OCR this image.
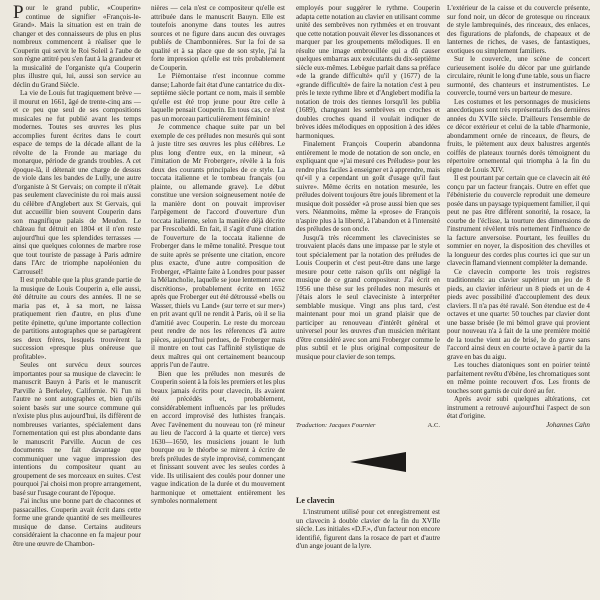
Pour le grand public, «Couperin» continue de signifier «François-le-Grand». Mais la situation est en train de changer et des connaisseurs de plus en plus nombreux commencent à réaliser que le Couperin qui servit le Roi Soleil à l'aube de son règne attitré peu s'en faut à la grandeur et la musicalité de l'organiste qu'a Couperin plus illustre qui, lui, aussi son service au déclin du Grand Siècle.

La vie de Louis fut tragiquement brève — il mourut en 1661, âgé de trente-cinq ans — et ce peu que seul de ses compositions musicales ne fut publié avant les temps modernes. Toutes ses œuvres les plus accomplies furent écrites dans le court espace de temps de la décade allant de la révolte de la Fronde au mariage du monarque, période de grands troubles. A cet époque-là, il détenait une charge de dessus de viole dans les bandes de Lully, une autre d'organiste à St Gervais; on compte il n'était pas seulement claveciniste du roi mais aussi du célèbre d'Anglebert aux St Gervais, qui dut accueillir bien souvent Couperin dans son magnifique palais de Meudon. Le château fut détruit en 1804 et il n'en reste aujourd'hui que les splendides terrasses — ainsi que quelques colonnes de marbre rose que tout touriste de passage à Paris admire dans l'Arc de triomphe napoléonien du Carrousel!

Il est probable que la plus grande partie de la musique de Louis Couperin a, elle aussi, été détruite au cours des années. Il ne se maria pas et, à sa mort, ne laissa pratiquement rien d'autre, en plus d'une petite épinette, qu'une importante collection de partitions autographes que se partagèrent ses deux frères, lesquels trouvèrent la succession «presque plus onéreuse que profitable».

Seules ont survécu deux sources importantes pour sa musique de clavecin: le manuscrit Bauyn à Paris et le manuscrit Parville à Berkeley, Californie. Ni l'un ni l'autre ne sont autographes et, bien qu'ils soient basés sur une source commune qui n'existe plus plus aujourd'hui, ils diffèrent de nombreuses variantes, spécialement dans l'ornementation qui est plus abondante dans le manuscrit Parville. Aucun de ces documents ne fait davantage que communiquer une vague impression des intentions du compositeur quant au groupement de ses morceaux en suites. C'est pourquoi j'ai choisi mon propre arrangement, basé sur l'usage courant de l'époque.

J'ai inclus une bonne part de chaconnes et passacailles. Couperin avait écrit dans cette forme une grande quantité de ses meilleures musique de danse. Certains auditeurs considéraient la chaconne en fa majeur pour être une œuvre de Chambon-

nières — cela n'est ce compositeur qu'elle est attribuée dans le manuscrit Bauyn. Elle est toutefois anonyme dans toutes les autres sources et ne figure dans aucun des ouvrages publiés de Chambonnières. Sur la foi de sa qualité et à sa place que de son style, j'ai la forte impression qu'elle est très probablement de Couperin.

Le Pièmontaise n'est inconnue comme danse; Lahorde fait état d'une cantatrice du dix-septième siècle portant ce nom, mais il semble qu'elle est été trop jeune pour être celle à laquelle pensait Couperin. En tous cas, ce n'est pas un morceau particulièrement féminin!

Je commence chaque suite par un bel exemple de ces préludes non mesurés qui sont à juste titre ses œuvres les plus célèbres. Le plus long d'entre eux, en la mineur, «à l'imitation de Mr Froberger», révèle à la fois deux des courants principales de ce style. La toccata italienne et le tombeau français (ou plainte, ou allemande grave). Le début constitue une version soigneusement notée de la manière dont on pouvait improviser l'arpègement de l'accord d'ouverture d'un toccata italienne, selon la manière déjà décrite par Frescobaldi. En fait, il s'agit d'une citation de l'ouverture de la toccata italienne de Froberger dans le même tonalité. Presque tout de suite après se présente une citation, encore plus exacte, d'une autre composition de Froberger, «Plainte faite à Londres pour passer la Mélancholie, laquelle se joue lentement avec discrétions», probablement écrite en 1652 après que Froberger eut été détroussé «bells ou Wasser, thiels vu Land» (sur terre et sur mer») en prit avant qu'il ne rendit à Paris, où il se lia d'amitié avec Couperin. Le reste du morceau peut rendre de nos les réferences d'à autre pièces, aujourd'hui perdues, de Froberger mais il montre en tout cas l'affinité stylistique de deux maîtres qui ont certainement beaucoup appris l'un de l'autre.

Bien que les préludes non mesurés de Couperin soient à la fois les premiers et les plus beaux jamais écrits pour clavecin, ils avaient été précédés et, probablement, considérablement influencés par les préludes en accord improvisé des luthistes français. Avec l'avènement du nouveau ton (ré mineur au lieu de l'accord à la quarte et tierce) vers 1630—1650, les musiciens jouant le luth bourque ou le théorbe se mirent à écrire de brefs préludes de style improvisé, commençant et finissant souvent avec les seules cordes à vide. Ils utilisaient des coulés pour donner une vague indication de la durée et du mouvement harmonique et omettaient entièrement les symboles normalement

employés pour suggérer le rythme. Couperin adapta cette notation au clavier en utilisant comme unité des sembrèves non rythmées et en trouvant que cette notation pouvait élever les dissonances et marquer par les groupements mélodiques. Il en résulte une image embrouillée qui a dû causer quelques embarras aux exécutants du dix-septième siècle eux-mêmes. Lebègue parlait dans sa préface «de la grande difficulté» qu'il y (1677) de la «grande difficulté» de faire la notation c'est à peu près le texte rythme libre et d'Anglebert modifia la notation de trois des tiennes lorsqu'il les publia (1689), changeant les sembrèves en croches et doubles croches quand il voulait indiquer de brèves idées mélodiques en opposition à des idées harmoniques.

Finalement François Couperin abandonna entièrement le mode de notation de son oncle, en expliquant que «j'ai mesuré ces Préludes» pour les rendre plus faciles à enseigner et à apprendre, mais qu'«il y a cependant un goût d'usage qu'il faut suivre». Même écrits en notation mesurée, les préludes doivent toujours être joués librement et la musique doit posséder «à prose aussi bien que ses vers. Néanmoins, même la «prose» de François n'aspire plus à la liberté, à l'abandon et à l'intensité des préludes de son oncle.

Jusqu'à très récemment les clavecinistes se trouvaient placés dans une impasse par le style et tout spécialement par la notation des préludes de Louis Couperin et c'est peut-être dans une large mesure pour cette raison qu'ils ont négligé la musique de ce grand compositeur. J'ai écrit en 1956 une thèse sur les préludes non mesurés et j'étais alors le seul claveciniste à interpréter semblable musique. Vingt ans plus tard, c'est maintenant pour moi un grand plaisir que de participer au renouveau d'intérêt général et universel pour les œuvres d'un musicien méritant d'être considéré avec son ami Froberger comme le plus subtil et le plus original compositeur de musique pour clavier de son temps.

Traduction: Jacques Fournier	A.C.
Le clavecin

L'instrument utilisé pour cet enregistrement est un clavecin à double clavier de la fin du XVIIe siècle. Les initiales «D.F.», d'un facteur non encore identifié, figurent dans la rosace de part et d'autre d'un ange jouant de la lyre.

L'extérieur de la caisse et du couvercle présente, sur fond noir, un décor de grotesque ou rinceaux de style lambrequinés, des rinceaux, des enlaces, des figurations de plafonds, de chapeaux et de lanternes de riches, de vases, de fantastiques, exotiques ou simplement familiers.

Sur le couvercle, une scène de concert curieusement isolée du décor par une guirlande circulaire, réunit le long d'une table, sous un fiacre surmonté, des chanteurs et instrumentistes. Le couvercle, tourné vers un barteur de mesure.

Les costumes et les personnages de musiciens anecdotiques sont très représentatifs des dernières années du XVIIe siècle. D'ailleurs l'ensemble de ce décor extérieur et celui de la table d'harmonie, abondamment ornée de rinceaux, de fleurs, de fruits, le piètement aux deux balustres argentés coiffés de plateaux tournés dorés témoignent du répertoire ornemental qui triompha à la fin du règne de Louis XIV.

Il est pourtant par certain que ce clavecin ait été conçu par un facteur français. Outre en effet que l'ébénisterie du couvercle reproduit une demeure posée dans un paysage typiquement familier, il qui peut ne pas être différent sonorité, la rosace, la courbe de l'éclisse, la tourture des dimensions de l'instrument révèlent très nettement l'influence de la facture anversoise. Pourtant, les feuilles du sommier en noyer, la disposition des chevilles et la longueur des cordes plus courtes ici que sur un clavecin flamand viennent compléter la demande.

Ce clavecin comporte les trois registres traditionnels: au clavier supérieur un jeu de 8 pieds, au clavier inférieur un 8 pieds et un de 4 pieds avec possibilité d'accouplement des deux claviers. Il n'a pas été ravalé. Son étendue est de 4 octaves et une quarte: 50 touches par clavier dont une basse brisée (le mi bémol grave qui provient pour nouveau n'a à fait de la une première moitié de la touche vient au de brisé, le do grave sans l'accord ainsi deux en courte octave à partir du la grave en bas du aigu.

Les touches diatoniques sont en poirier teinté parfaitement revêtu d'ébène, les chromatiques sont en même pointe recouvert d'os. Les fronts de touches sont garnis de cuir doré au fer.

Après avoir subi quelques altérations, cet instrument a retrouvé aujourd'hui l'aspect de son état d'origine.

Johannes Cahn
